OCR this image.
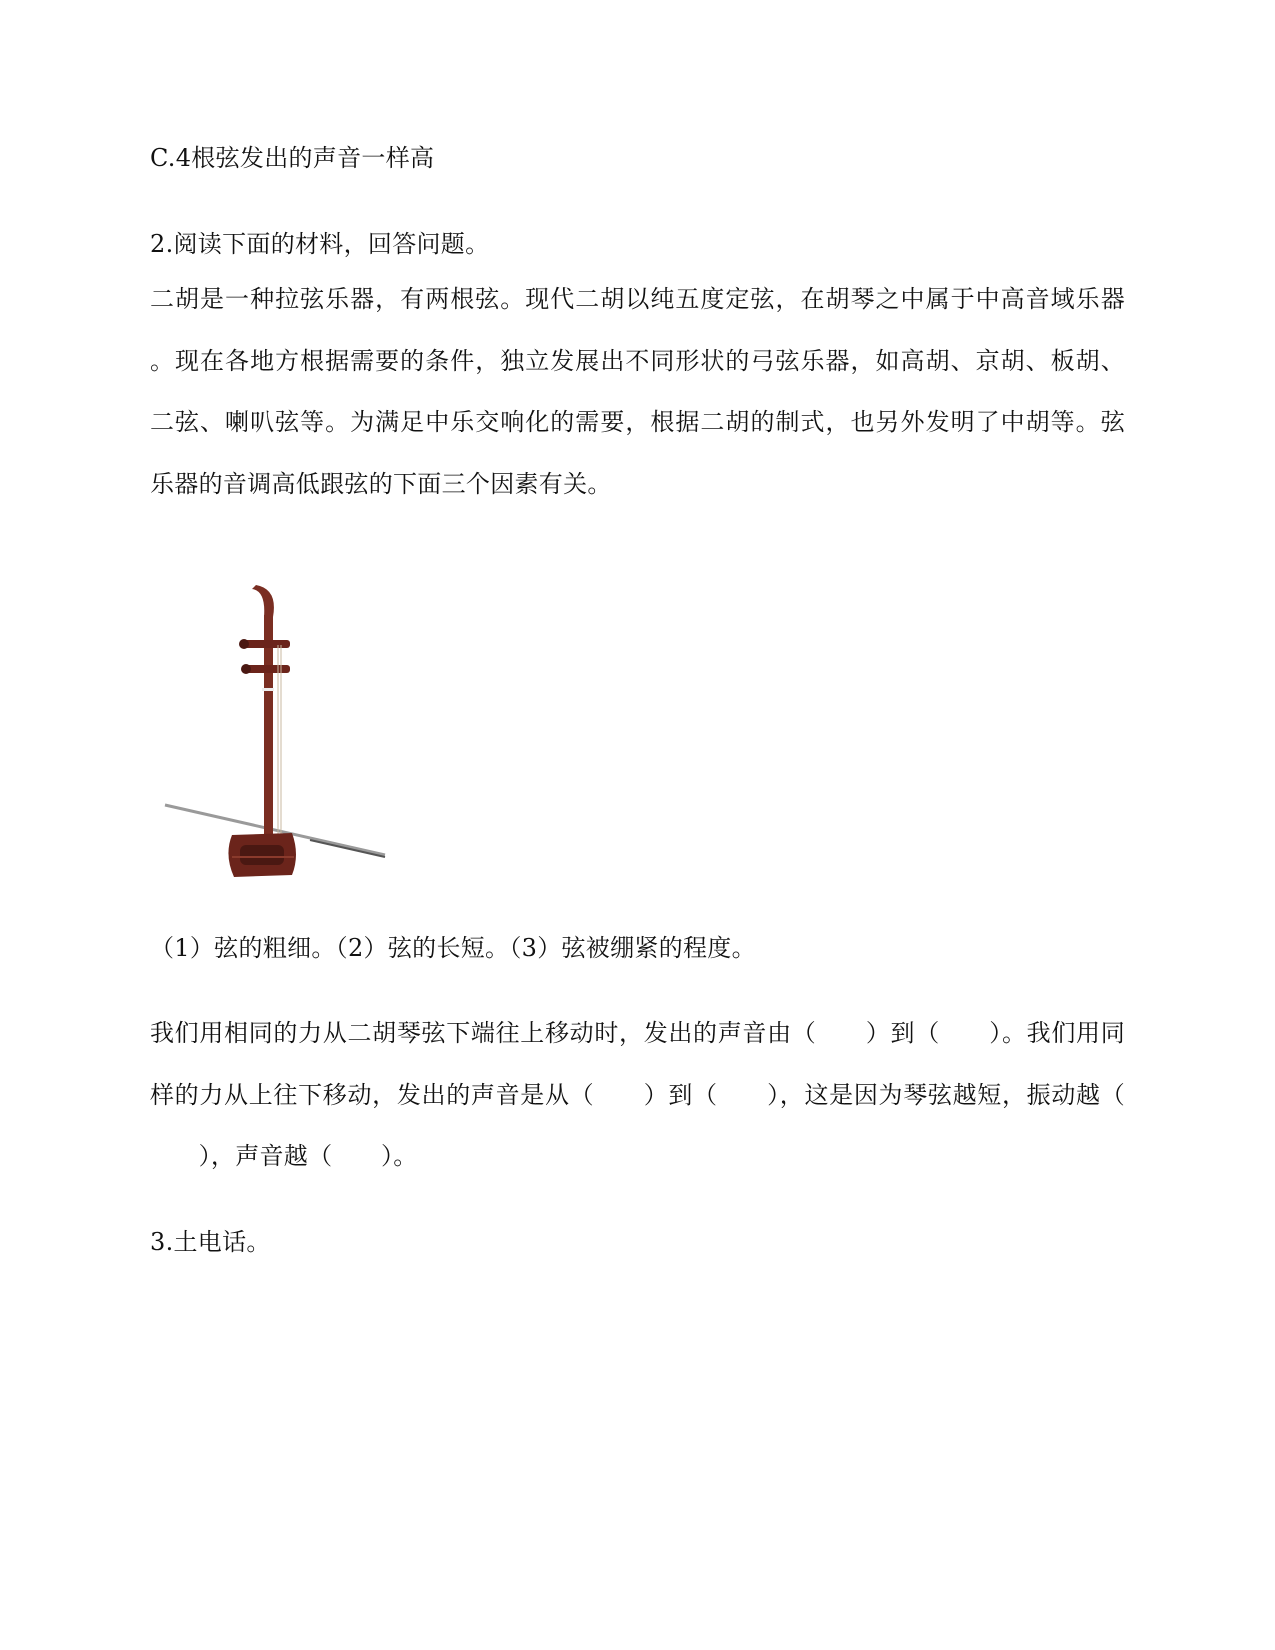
C.4根弦发出的声音一样高
2.阅读下面的材料，回答问题。
二胡是一种拉弦乐器，有两根弦。现代二胡以纯五度定弦，在胡琴之中属于中高音域乐器
。现在各地方根据需要的条件，独立发展出不同形状的弓弦乐器，如高胡、京胡、板胡、
二弦、喇叭弦等。为满足中乐交响化的需要，根据二胡的制式，也另外发明了中胡等。弦
乐器的音调高低跟弦的下面三个因素有关。
（1）弦的粗细。（2）弦的长短。（3）弦被绷紧的程度。
我们用相同的力从二胡琴弦下端往上移动时，发出的声音由（　　）到（　　）。我们用同
样的力从上往下移动，发出的声音是从（　　）到（　　），这是因为琴弦越短，振动越（
　　），声音越（　　）。
3.土电话。
